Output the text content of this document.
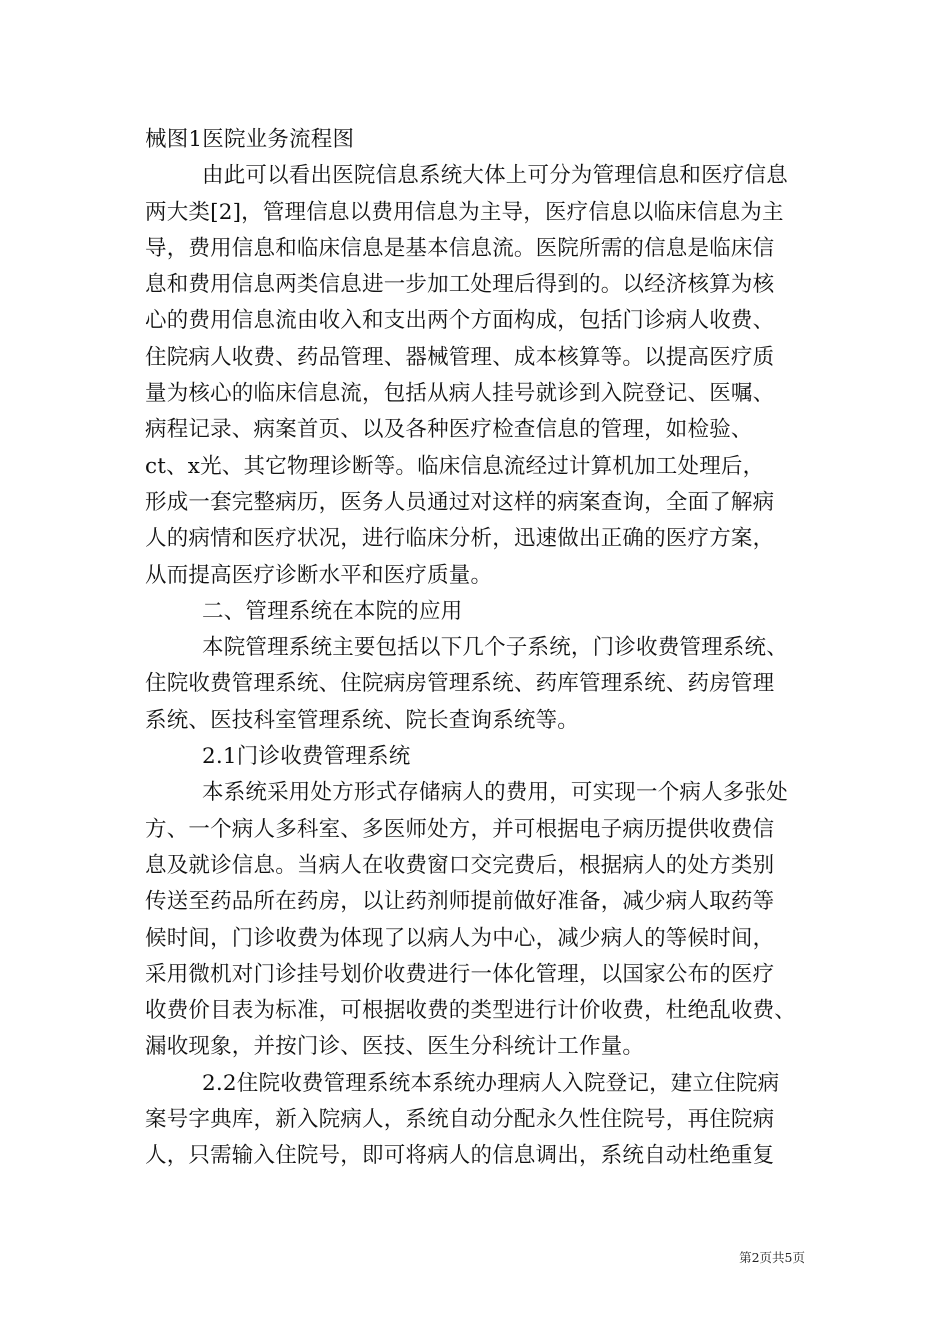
械图1医院业务流程图
由此可以看出医院信息系统大体上可分为管理信息和医疗信息
两大类[2]，管理信息以费用信息为主导，医疗信息以临床信息为主
导，费用信息和临床信息是基本信息流。医院所需的信息是临床信
息和费用信息两类信息进一步加工处理后得到的。以经济核算为核
心的费用信息流由收入和支出两个方面构成，包括门诊病人收费、
住院病人收费、药品管理、器械管理、成本核算等。以提高医疗质
量为核心的临床信息流，包括从病人挂号就诊到入院登记、医嘱、
病程记录、病案首页、以及各种医疗检查信息的管理，如检验、
ct、x光、其它物理诊断等。临床信息流经过计算机加工处理后，
形成一套完整病历，医务人员通过对这样的病案查询，全面了解病
人的病情和医疗状况，进行临床分析，迅速做出正确的医疗方案，
从而提高医疗诊断水平和医疗质量。
二、管理系统在本院的应用
本院管理系统主要包括以下几个子系统，门诊收费管理系统、
住院收费管理系统、住院病房管理系统、药库管理系统、药房管理
系统、医技科室管理系统、院长查询系统等。
2.1门诊收费管理系统
本系统采用处方形式存储病人的费用，可实现一个病人多张处
方、一个病人多科室、多医师处方，并可根据电子病历提供收费信
息及就诊信息。当病人在收费窗口交完费后，根据病人的处方类别
传送至药品所在药房，以让药剂师提前做好准备，减少病人取药等
候时间，门诊收费为体现了以病人为中心，减少病人的等候时间，
采用微机对门诊挂号划价收费进行一体化管理，以国家公布的医疗
收费价目表为标准，可根据收费的类型进行计价收费，杜绝乱收费、
漏收现象，并按门诊、医技、医生分科统计工作量。
2.2住院收费管理系统本系统办理病人入院登记，建立住院病
案号字典库，新入院病人，系统自动分配永久性住院号，再住院病
人，只需输入住院号，即可将病人的信息调出，系统自动杜绝重复
第2页共5页
